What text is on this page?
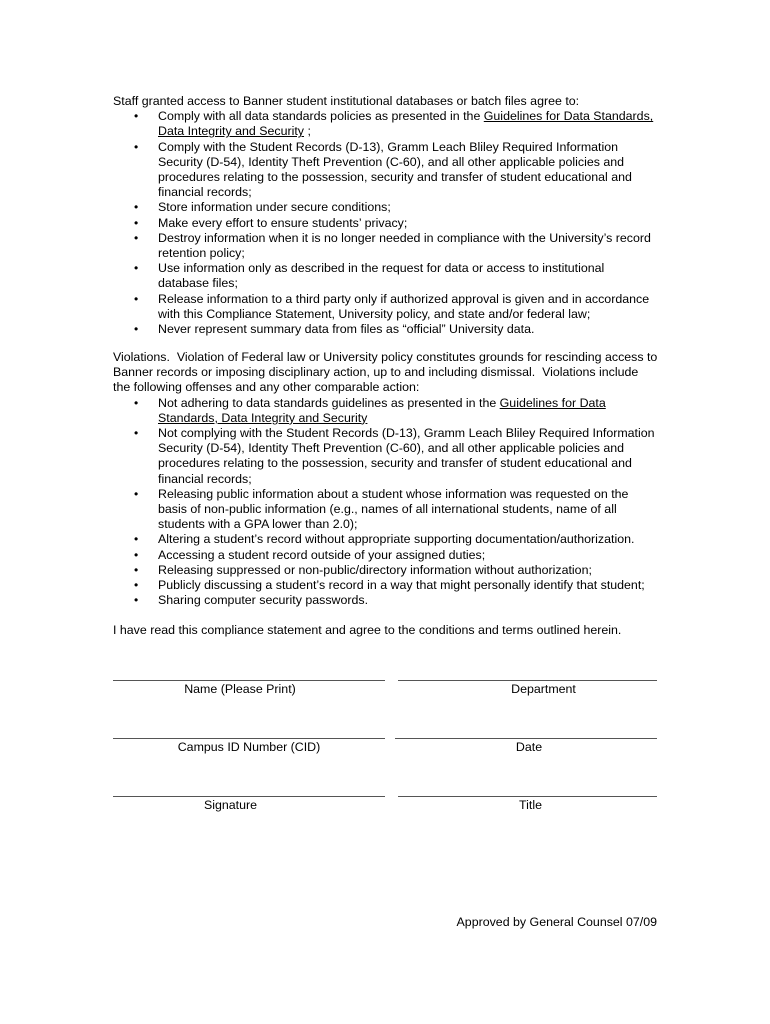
Staff granted access to Banner student institutional databases or batch files agree to:
• Comply with all data standards policies as presented in the Guidelines for Data Standards, Data Integrity and Security ;
• Comply with the Student Records (D-13), Gramm Leach Bliley Required Information Security (D-54), Identity Theft Prevention (C-60), and all other applicable policies and procedures relating to the possession, security and transfer of student educational and financial records;
• Store information under secure conditions;
• Make every effort to ensure students’ privacy;
• Destroy information when it is no longer needed in compliance with the University’s record retention policy;
• Use information only as described in the request for data or access to institutional database files;
• Release information to a third party only if authorized approval is given and in accordance with this Compliance Statement, University policy, and state and/or federal law;
• Never represent summary data from files as “official” University data.
Violations.  Violation of Federal law or University policy constitutes grounds for rescinding access to Banner records or imposing disciplinary action, up to and including dismissal.  Violations include the following offenses and any other comparable action:
• Not adhering to data standards guidelines as presented in the Guidelines for Data Standards, Data Integrity and Security
• Not complying with the Student Records (D-13), Gramm Leach Bliley Required Information Security (D-54), Identity Theft Prevention (C-60), and all other applicable policies and procedures relating to the possession, security and transfer of student educational and financial records;
• Releasing public information about a student whose information was requested on the basis of non-public information (e.g., names of all international students, name of all students with a GPA lower than 2.0);
• Altering a student’s record without appropriate supporting documentation/authorization.
• Accessing a student record outside of your assigned duties;
• Releasing suppressed or non-public/directory information without authorization;
• Publicly discussing a student’s record in a way that might personally identify that student;
• Sharing computer security passwords.
I have read this compliance statement and agree to the conditions and terms outlined herein.
Name (Please Print)	Department
Campus ID Number (CID)	Date
Signature	Title
Approved by General Counsel 07/09
